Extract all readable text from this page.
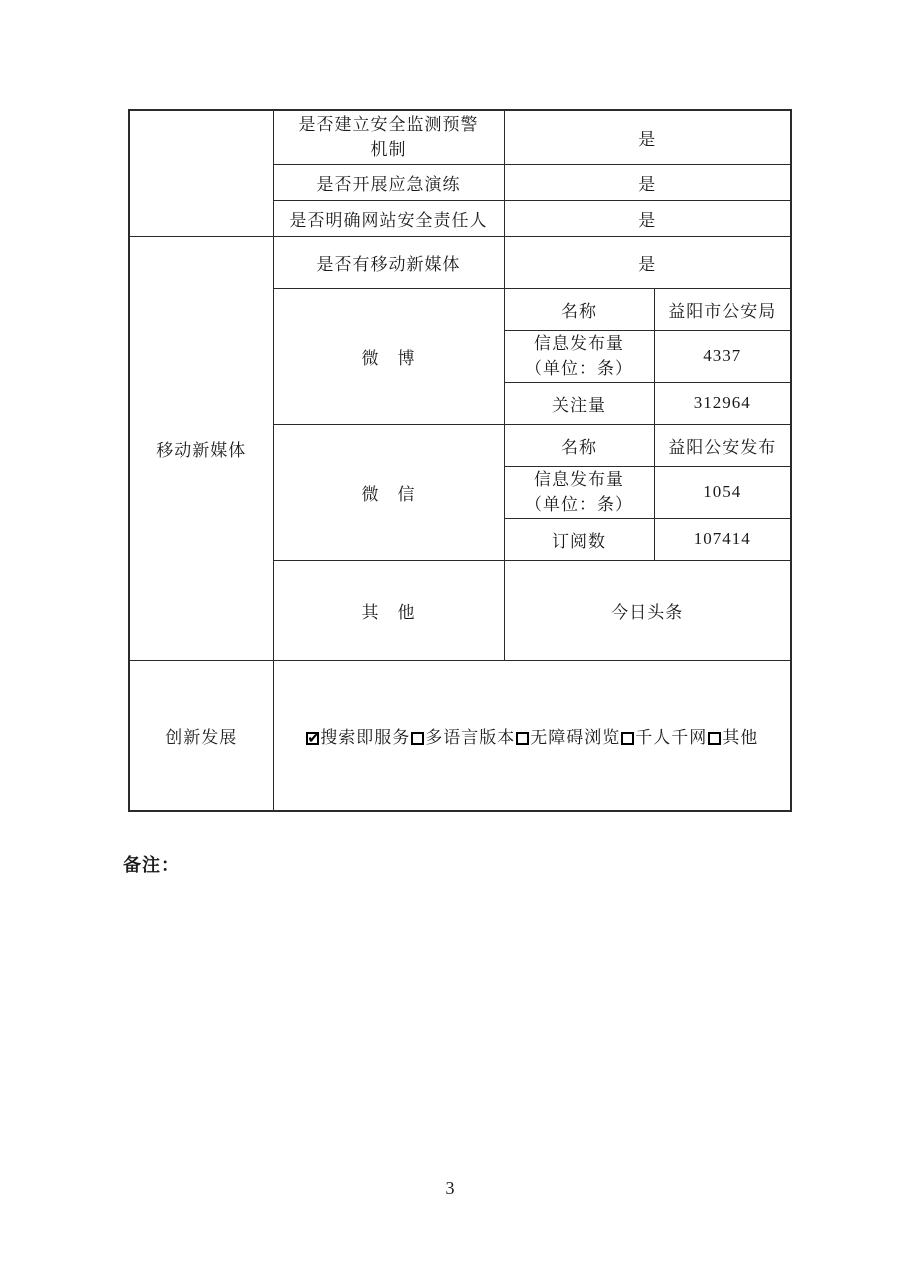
	是否建立安全监测预警
机制	是	
	是否开展应急演练	是	
	是否明确网站安全责任人	是	
移动新媒体	是否有移动新媒体	是	
	微　博	名称	益阳市公安局

		信息发布量
（单位：条）	4337
		关注量	312964
	微　信	名称	益阳公安发布

		信息发布量
（单位：条）	1054
		订阅数	107414
	其　他	今日头条	
创新发展	✔ 搜索即服务 多语言版本 无障碍浏览 千人千网 其他		
备注：
3
